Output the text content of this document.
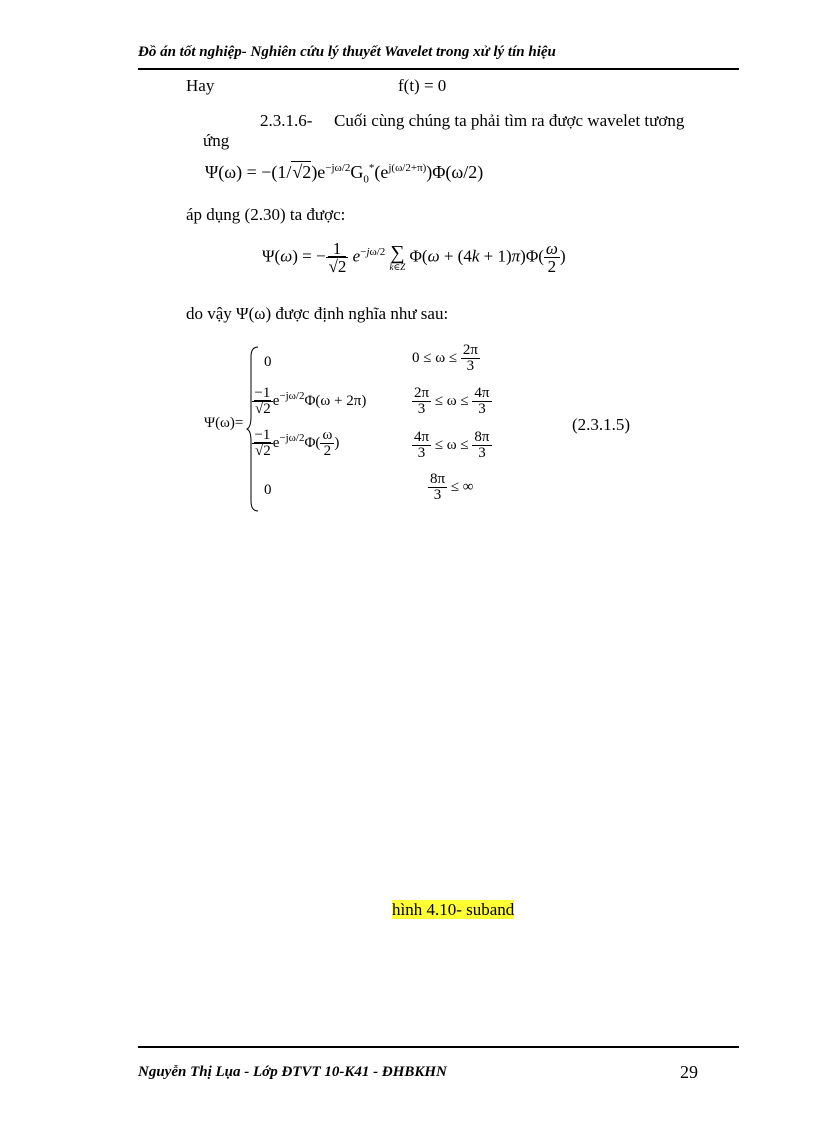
Đồ án tốt nghiệp- Nghiên cứu lý thuyết Wavelet trong xử lý tín hiệu
Hay	f(t) = 0
2.3.1.6- Cuối cùng chúng ta phải tìm ra được wavelet tương
ứng
$\Psi(\omega) = -(1/√2)e^{-j\omega/2}G_0^*(e^{j(\omega/2+\pi)})\Phi(\omega/2)$
áp dụng (2.30) ta được:
Ψ(ω) = − $\frac{1}{√2} e^{-j\omega/2}$ ∑
k∈Z
$\Phi(\omega + (4k + 1)\pi)\Phi( \frac{\omega}{2}$ )
do vậy Ψ(ω) được định nghĩa như sau:
Ψ(ω)=
0	$0 \le \omega \le \frac{2\pi}{3}$
$\frac{-1}{√2} e^{-j\omega/2}\Phi(\omega + 2\pi)$	$\frac{2\pi}{3} \le \omega \le \frac{4\pi}{3}$
$\frac{-1}{√2} e^{-j\omega/2}\Phi( \frac{\omega}{2}$ )	$\frac{4\pi}{3} \le \omega \le \frac{8\pi}{3}$
0	$\frac{8\pi}{3}$ ≤ ∞
(2.3.1.5)
hình 4.10- suband
Nguyễn Thị Lụa - Lớp ĐTVT 10-K41 - ĐHBKHN	29
